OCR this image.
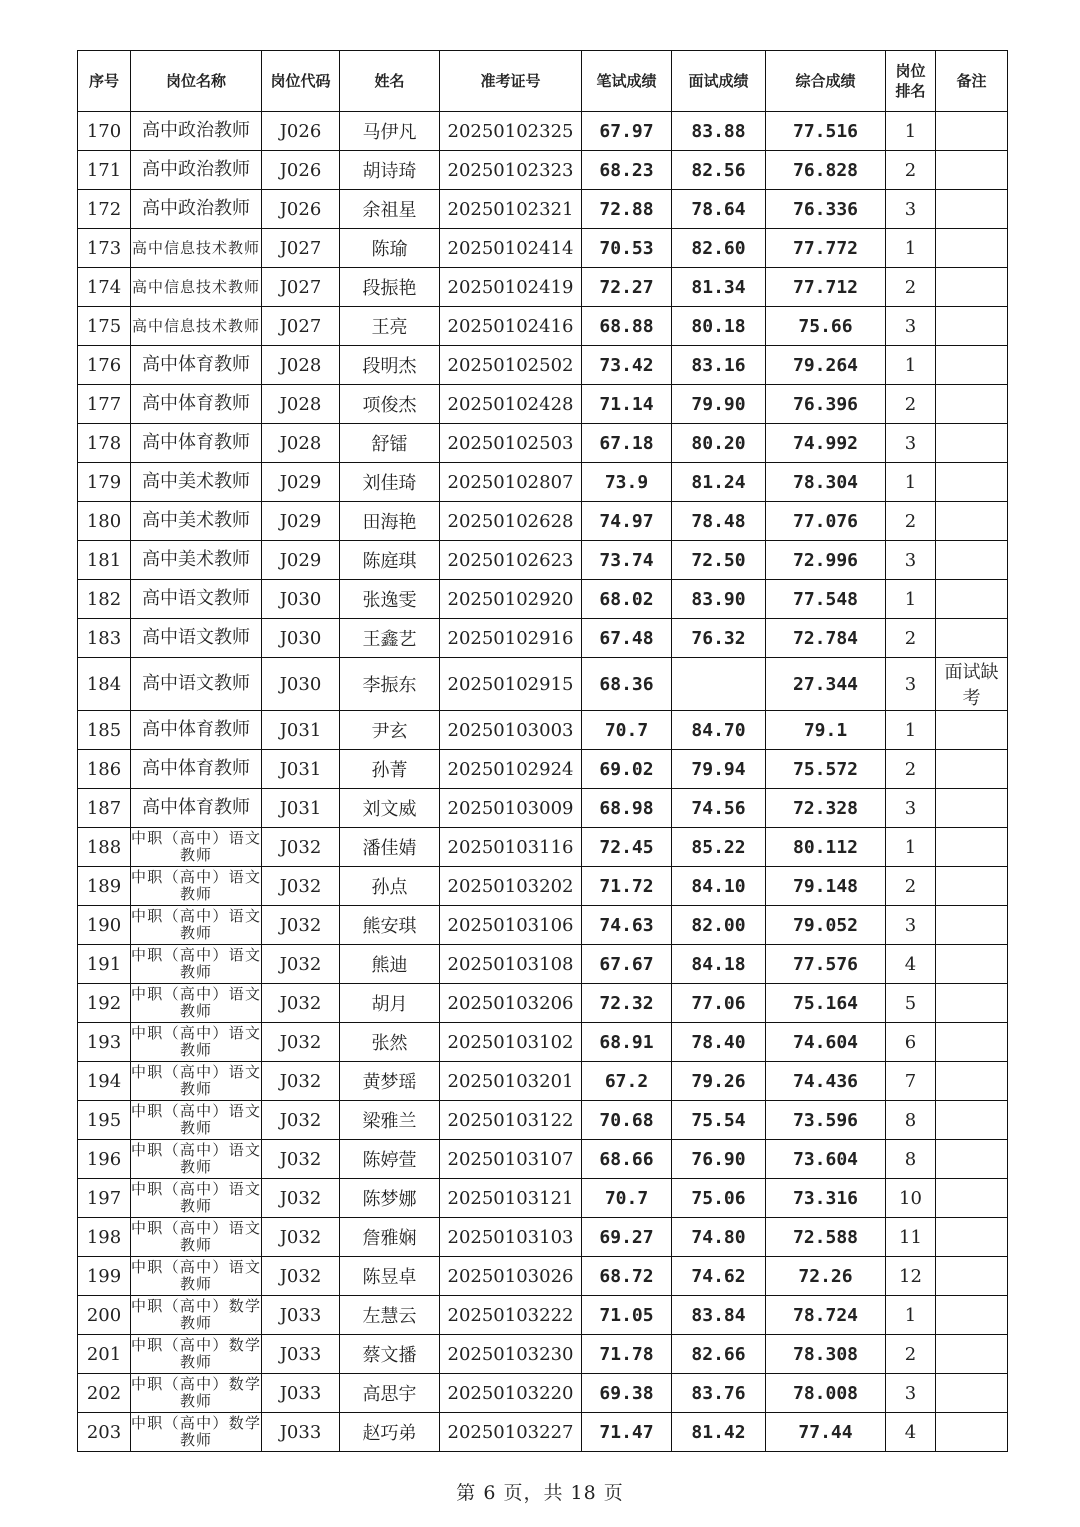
序号	岗位名称	岗位代码	姓名	准考证号	笔试成绩	面试成绩	综合成绩	岗位排名	备注
170	高中政治教师	J026	马伊凡	20250102325	67.97	83.88	77.516	1	
171	高中政治教师	J026	胡诗琦	20250102323	68.23	82.56	76.828	2	
172	高中政治教师	J026	余祖星	20250102321	72.88	78.64	76.336	3	
173	高中信息技术教师	J027	陈瑜	20250102414	70.53	82.60	77.772	1	
174	高中信息技术教师	J027	段振艳	20250102419	72.27	81.34	77.712	2	
175	高中信息技术教师	J027	王亮	20250102416	68.88	80.18	75.66	3	
176	高中体育教师	J028	段明杰	20250102502	73.42	83.16	79.264	1	
177	高中体育教师	J028	项俊杰	20250102428	71.14	79.90	76.396	2	
178	高中体育教师	J028	舒镭	20250102503	67.18	80.20	74.992	3	
179	高中美术教师	J029	刘佳琦	20250102807	73.9	81.24	78.304	1	
180	高中美术教师	J029	田海艳	20250102628	74.97	78.48	77.076	2	
181	高中美术教师	J029	陈庭琪	20250102623	73.74	72.50	72.996	3	
182	高中语文教师	J030	张逸雯	20250102920	68.02	83.90	77.548	1	
183	高中语文教师	J030	王鑫艺	20250102916	67.48	76.32	72.784	2	
184	高中语文教师	J030	李振东	20250102915	68.36		27.344	3	面试缺考
185	高中体育教师	J031	尹玄	20250103003	70.7	84.70	79.1	1	
186	高中体育教师	J031	孙菁	20250102924	69.02	79.94	75.572	2	
187	高中体育教师	J031	刘文威	20250103009	68.98	74.56	72.328	3	
188	中职（高中）语文教师	J032	潘佳婧	20250103116	72.45	85.22	80.112	1	
189	中职（高中）语文教师	J032	孙点	20250103202	71.72	84.10	79.148	2	
190	中职（高中）语文教师	J032	熊安琪	20250103106	74.63	82.00	79.052	3	
191	中职（高中）语文教师	J032	熊迪	20250103108	67.67	84.18	77.576	4	
192	中职（高中）语文教师	J032	胡月	20250103206	72.32	77.06	75.164	5	
193	中职（高中）语文教师	J032	张然	20250103102	68.91	78.40	74.604	6	
194	中职（高中）语文教师	J032	黄梦瑶	20250103201	67.2	79.26	74.436	7	
195	中职（高中）语文教师	J032	梁雅兰	20250103122	70.68	75.54	73.596	8	
196	中职（高中）语文教师	J032	陈婷萱	20250103107	68.66	76.90	73.604	8	
197	中职（高中）语文教师	J032	陈梦娜	20250103121	70.7	75.06	73.316	10	
198	中职（高中）语文教师	J032	詹雅娴	20250103103	69.27	74.80	72.588	11	
199	中职（高中）语文教师	J032	陈昱卓	20250103026	68.72	74.62	72.26	12	
200	中职（高中）数学教师	J033	左慧云	20250103222	71.05	83.84	78.724	1	
201	中职（高中）数学教师	J033	蔡文播	20250103230	71.78	82.66	78.308	2	
202	中职（高中）数学教师	J033	高思宇	20250103220	69.38	83.76	78.008	3	
203	中职（高中）数学教师	J033	赵巧弟	20250103227	71.47	81.42	77.44	4	
第 6 页，共 18 页
